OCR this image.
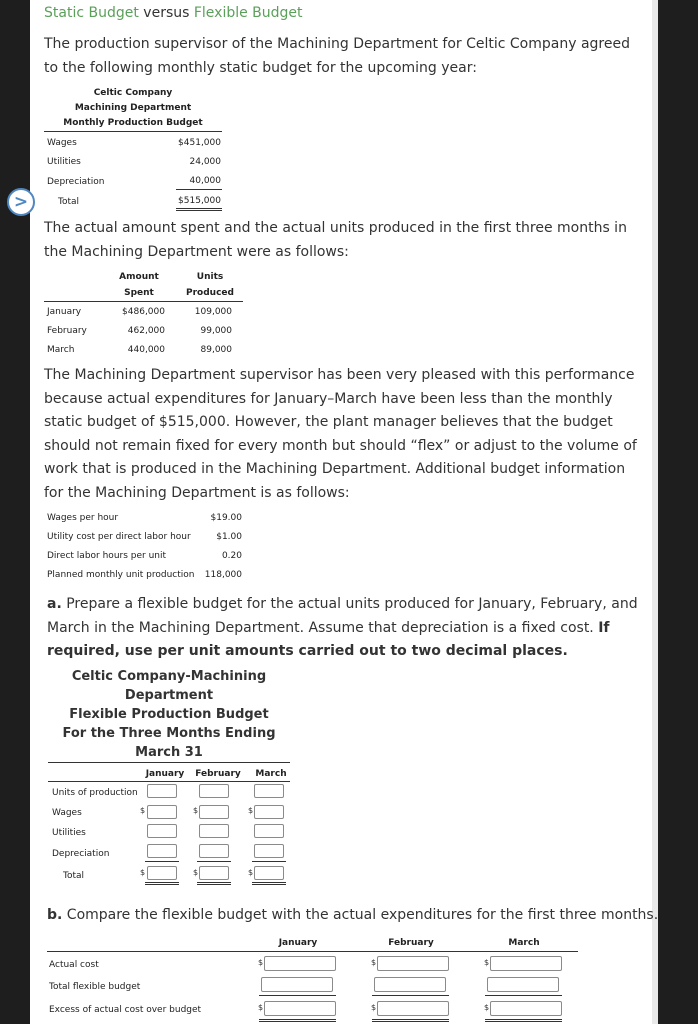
>
Static Budget versus Flexible Budget
The production supervisor of the Machining Department for Celtic Company agreed to the following monthly static budget for the upcoming year:
Celtic Company
Machining Department
Monthly Production Budget
Wages	$451,000
Utilities	24,000
Depreciation	40,000
Total	$515,000
The actual amount spent and the actual units produced in the first three months in the Machining Department were as follows:
Amount
Spent
Units
Produced
January	$486,000	109,000
February	462,000	99,000
March	440,000	89,000
The Machining Department supervisor has been very pleased with this performance because actual expenditures for January–March have been less than the monthly static budget of $515,000. However, the plant manager believes that the budget should not remain fixed for every month but should “flex” or adjust to the volume of work that is produced in the Machining Department. Additional budget information for the Machining Department is as follows:
Wages per hour	$19.00
Utility cost per direct labor hour	$1.00
Direct labor hours per unit	0.20
Planned monthly unit production	118,000
a. Prepare a flexible budget for the actual units produced for January, February, and March in the Machining Department. Assume that depreciation is a fixed cost. If required, use per unit amounts carried out to two decimal places.
Celtic Company-Machining
Department
Flexible Production Budget
For the Three Months Ending
March 31
January	February	March
Units of production
Wages	$	$	$
Utilities
Depreciation
Total	$	$	$
b. Compare the flexible budget with the actual expenditures for the first three months.
January	February	March
Actual cost	$	$	$
Total flexible budget
Excess of actual cost over budget	$	$	$
